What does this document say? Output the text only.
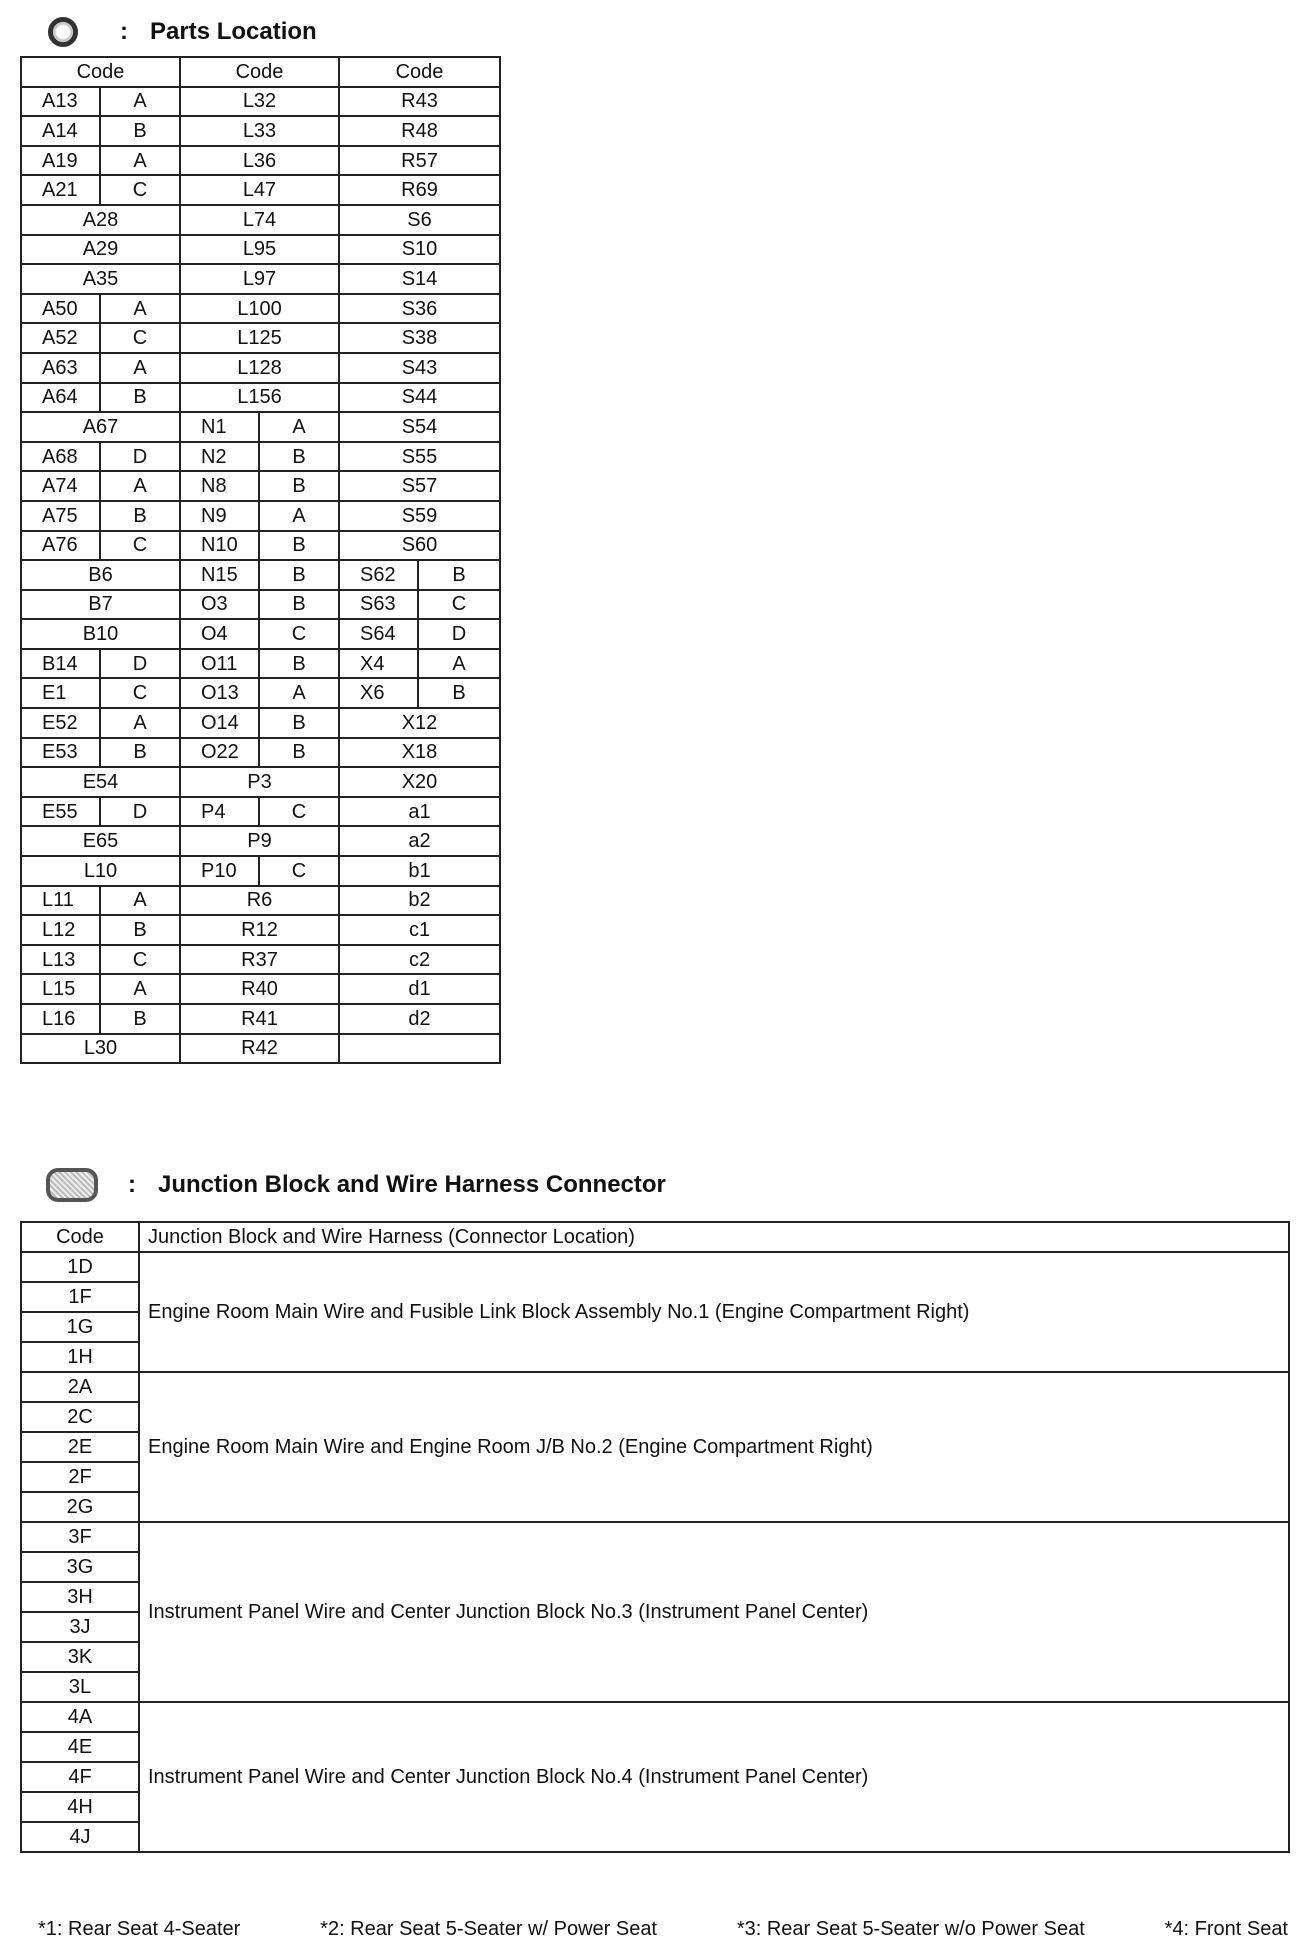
: Parts Location
Code		Code		Code	
A13	A	L32		R43	
A14	B	L33		R48	
A19	A	L36		R57	
A21	C	L47		R69	
A28		L74		S6	
A29		L95		S10	
A35		L97		S14	
A50	A	L100		S36	
A52	C	L125		S38	
A63	A	L128		S43	
A64	B	L156		S44	
A67		N1	A	S54	
A68	D	N2	B	S55	
A74	A	N8	B	S57	
A75	B	N9	A	S59	
A76	C	N10	B	S60	
B6		N15	B	S62	B
B7		O3	B	S63	C
B10		O4	C	S64	D
B14	D	O11	B	X4	A
E1	C	O13	A	X6	B
E52	A	O14	B	X12	
E53	B	O22	B	X18	
E54		P3		X20	
E55	D	P4	C	a1	
E65		P9		a2	
L10		P10	C	b1	
L11	A	R6		b2	
L12	B	R12		c1	
L13	C	R37		c2	
L15	A	R40		d1	
L16	B	R41		d2	
L30		R42			
: Junction Block and Wire Harness Connector
Code	Junction Block and Wire Harness (Connector Location)
1D	Engine Room Main Wire and Fusible Link Block Assembly No.1 (Engine Compartment Right)
1F	
1G	
1H	
2A	Engine Room Main Wire and Engine Room J/B No.2 (Engine Compartment Right)
2C	
2E	
2F	
2G	
3F	Instrument Panel Wire and Center Junction Block No.3 (Instrument Panel Center)
3G	
3H	
3J	
3K	
3L	
4A	Instrument Panel Wire and Center Junction Block No.4 (Instrument Panel Center)
4E	
4F	
4H	
4J	
*1: Rear Seat 4-Seater	*2: Rear Seat 5-Seater w/ Power Seat	*3: Rear Seat 5-Seater w/o Power Seat	*4: Front Seat
